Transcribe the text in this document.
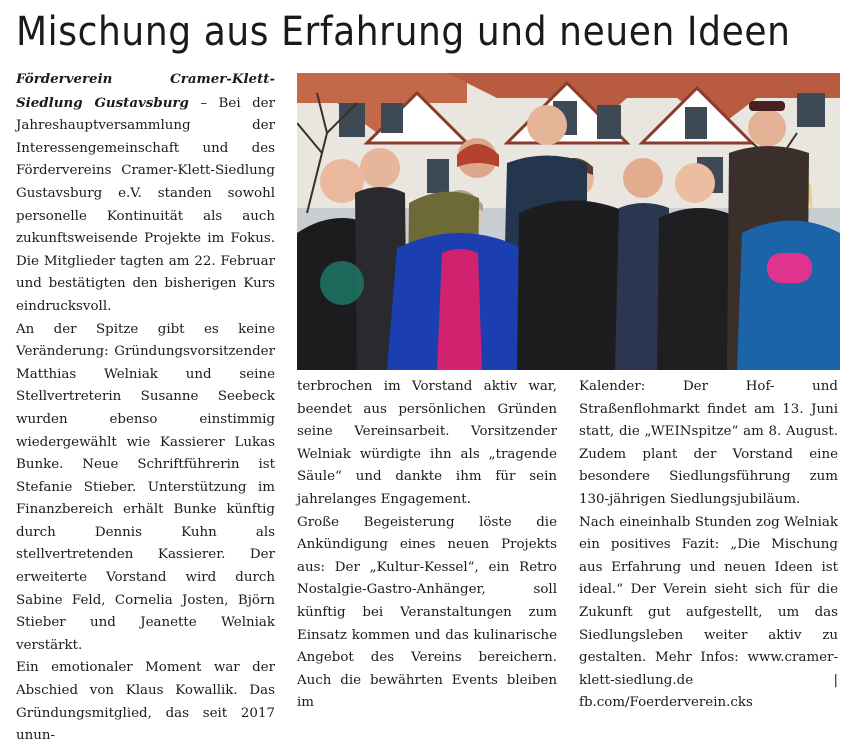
Mischung aus Erfahrung und neuen Ideen

Förderverein Cramer-Klett-Siedlung Gustavsburg – Bei der Jahreshauptversammlung der Interessengemeinschaft und des Fördervereins Cramer-Klett-Siedlung Gustavsburg e.V. standen sowohl personelle Kontinuität als auch zukunftsweisende Projekte im Fokus. Die Mitglieder tagten am 22. Februar und bestätigten den bisherigen Kurs eindrucksvoll.

An der Spitze gibt es keine Veränderung: Gründungsvorsitzender Matthias Welniak und seine Stellvertreterin Susanne Seebeck wurden ebenso einstimmig wiedergewählt wie Kassierer Lukas Bunke. Neue Schriftführerin ist Stefanie Stieber. Unterstützung im Finanzbereich erhält Bunke künftig durch Dennis Kuhn als stellvertretenden Kassierer. Der erweiterte Vorstand wird durch Sabine Feld, Cornelia Josten, Björn Stieber und Jeanette Welniak verstärkt.

Ein emotionaler Moment war der Abschied von Klaus Kowallik. Das Gründungsmitglied, das seit 2017 unun-

terbrochen im Vorstand aktiv war, beendet aus persönlichen Gründen seine Vereinsarbeit. Vorsitzender Welniak würdigte ihn als „tragende Säule“ und dankte ihm für sein jahrelanges Engagement.

Große Begeisterung löste die Ankündigung eines neuen Projekts aus: Der „Kultur-Kessel“, ein Retro Nostalgie-Gastro-Anhänger, soll künftig bei Veranstaltungen zum Einsatz kommen und das kulinarische Angebot des Vereins bereichern. Auch die bewährten Events bleiben im

Kalender: Der Hof- und Straßenflohmarkt findet am 13. Juni statt, die „WEINspitze“ am 8. August. Zudem plant der Vorstand eine besondere Siedlungsführung zum 130-jährigen Siedlungsjubiläum.

Nach eineinhalb Stunden zog Welniak ein positives Fazit: „Die Mischung aus Erfahrung und neuen Ideen ist ideal.“ Der Verein sieht sich für die Zukunft gut aufgestellt, um das Siedlungsleben weiter aktiv zu gestalten. Mehr Infos: www.cramer-klett-siedlung.de | fb.com/Foerderverein.cks
